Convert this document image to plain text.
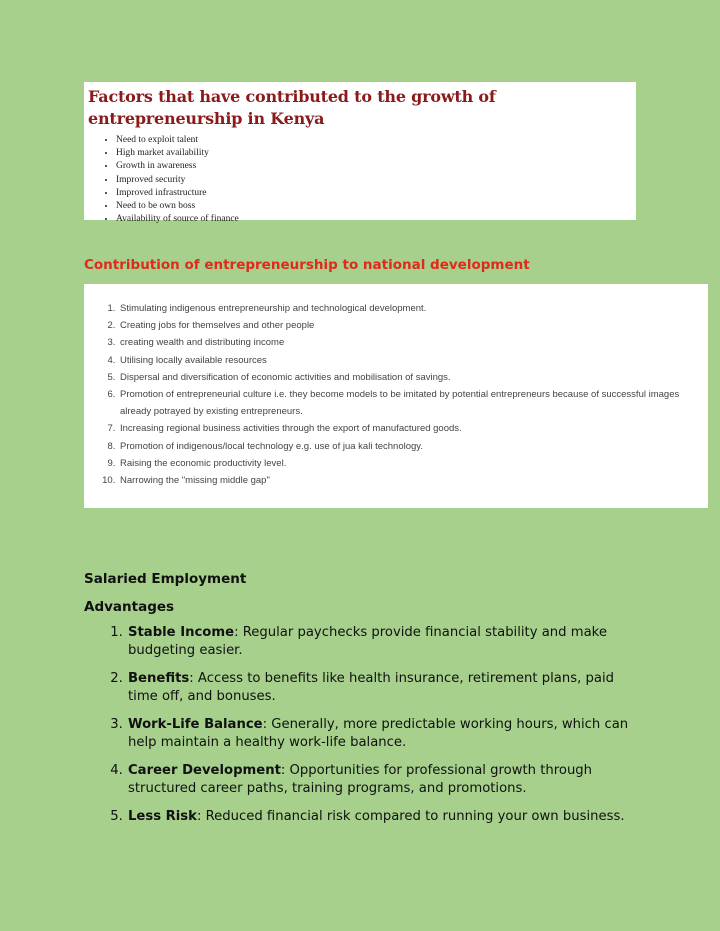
Factors that have contributed to the growth of entrepreneurship in Kenya
• Need to exploit talent
• High market availability
• Growth in awareness
• Improved security
• Improved infrastructure
• Need to be own boss
• Availability of source of finance
Contribution of entrepreneurship to national development
1. Stimulating indigenous entrepreneurship and technological development.
2. Creating jobs for themselves and other people
3. creating wealth and distributing income
4. Utilising locally available resources
5. Dispersal and diversification of economic activities and mobilisation of savings.
6. Promotion of entrepreneurial culture i.e. they become models to be imitated by potential entrepreneurs because of successful images already potrayed by existing entrepreneurs.
7. Increasing regional business activities through the export of manufactured goods.
8. Promotion of indigenous/local technology e.g. use of jua kali technology.
9. Raising the economic productivity level.
10. Narrowing the "missing middle gap"

Salaried Employment

Advantages

1. Stable Income: Regular paychecks provide financial stability and make budgeting easier.
2. Benefits: Access to benefits like health insurance, retirement plans, paid time off, and bonuses.
3. Work-Life Balance: Generally, more predictable working hours, which can help maintain a healthy work-life balance.
4. Career Development: Opportunities for professional growth through structured career paths, training programs, and promotions.
5. Less Risk: Reduced financial risk compared to running your own business.
